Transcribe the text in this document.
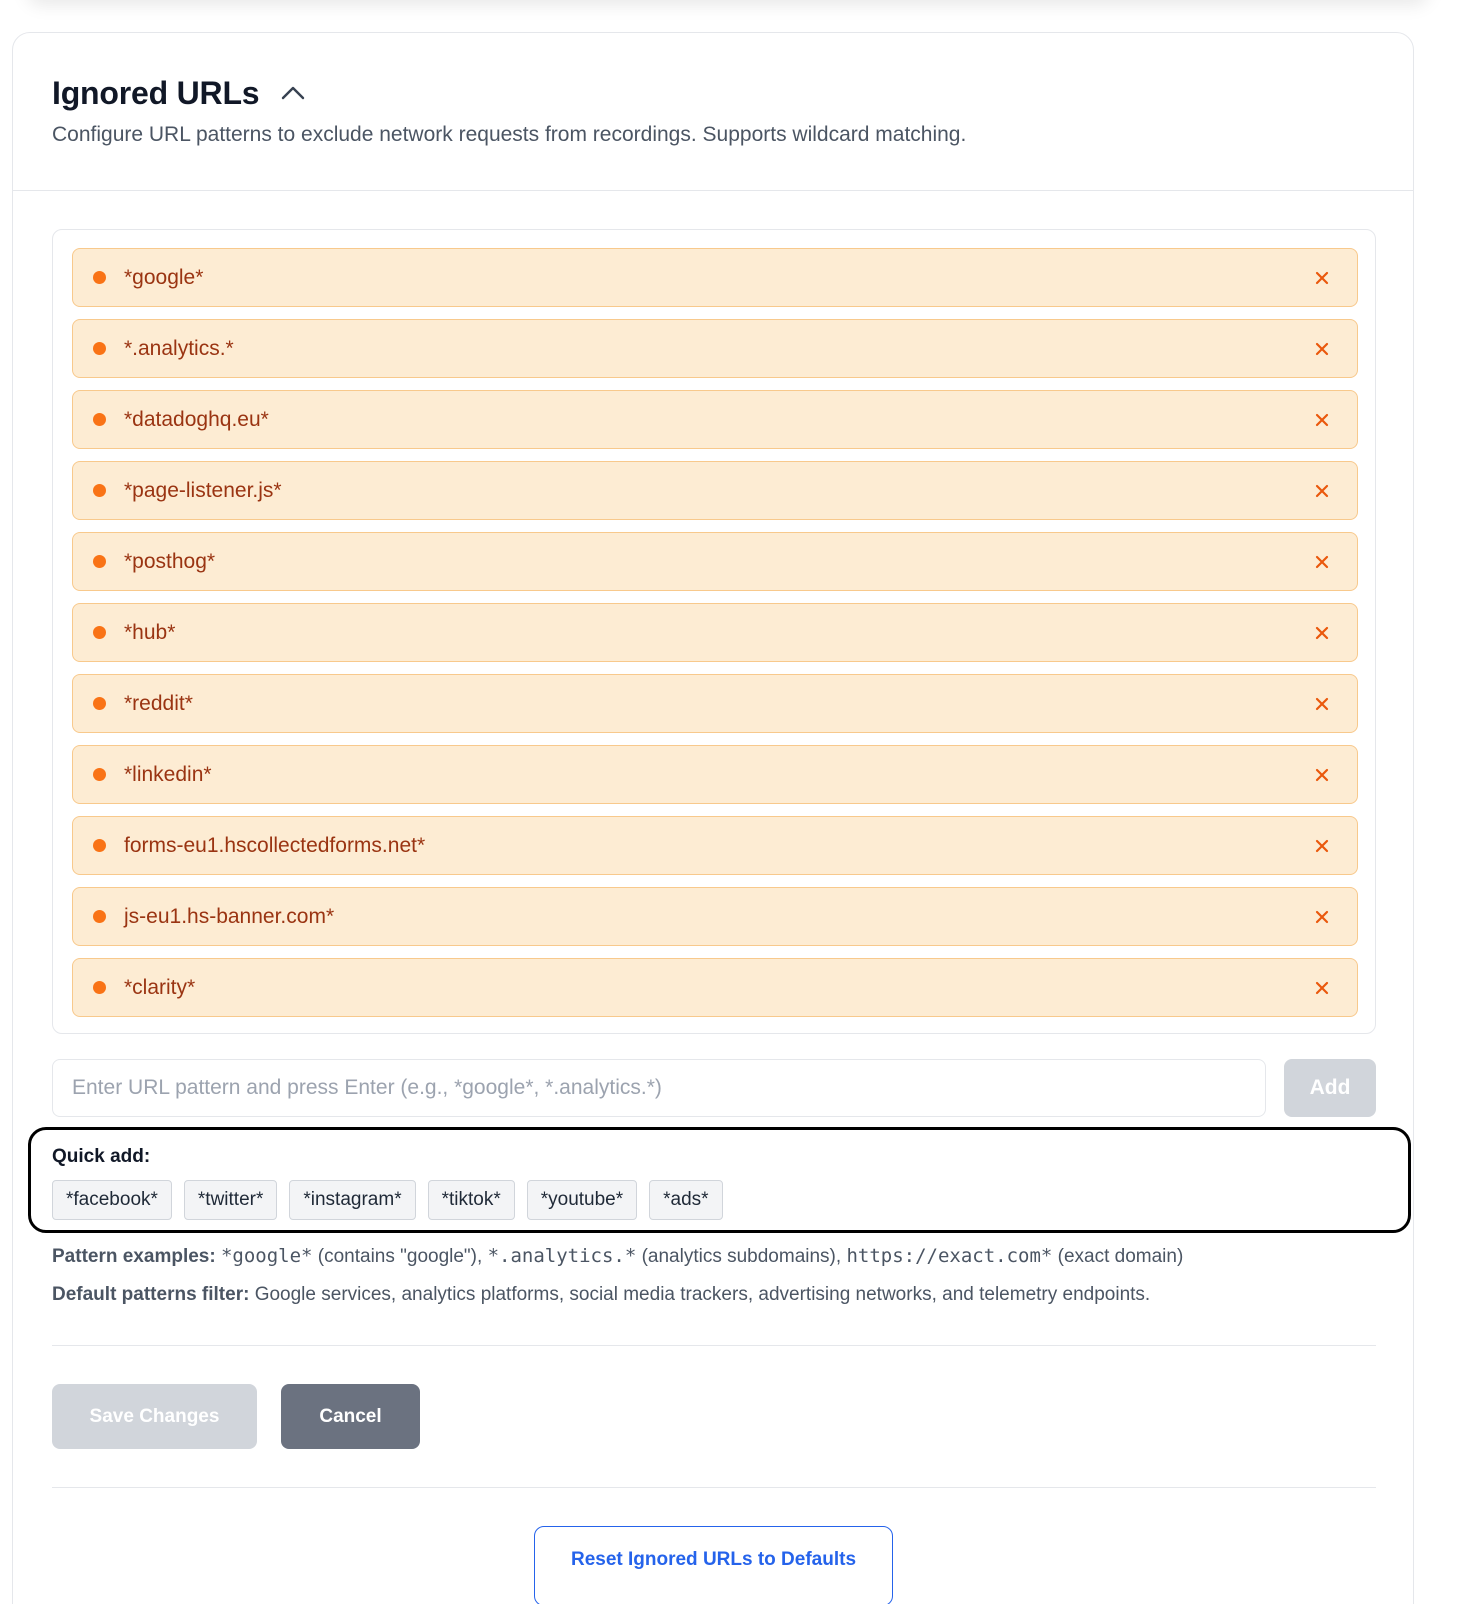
Ignored URLs

Configure URL patterns to exclude network requests from recordings. Supports wildcard matching.

*google*
*.analytics.*
*datadoghq.eu*
*page-listener.js*
*posthog*
*hub*
*reddit*
*linkedin*
forms-eu1.hscollectedforms.net*
js-eu1.hs-banner.com*
*clarity*
Enter URL pattern and press Enter (e.g., *google*, *.analytics.*)
Add
Quick add:
*facebook*	*twitter*	*instagram*	*tiktok*	*youtube*	*ads*

Pattern examples: *google* (contains "google"), *.analytics.* (analytics subdomains), https://exact.com* (exact domain)

Default patterns filter: Google services, analytics platforms, social media trackers, advertising networks, and telemetry endpoints.

Save Changes	Cancel
Reset Ignored URLs to Defaults
